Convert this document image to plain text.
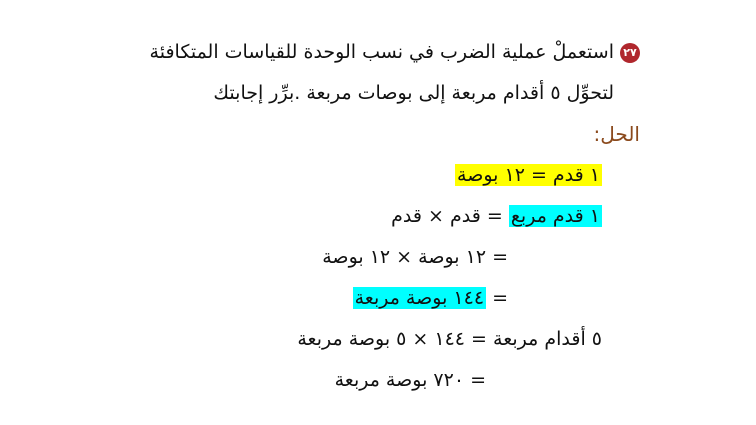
٢٧استعملْ عملية الضرب في نسب الوحدة للقياسات المتكافئة
لتحوِّل ٥ أقدام مربعة إلى بوصات مربعة .برِّر إجابتك
الحل:
١ قدم = ١٢ بوصة
١ قدم مربع = قدم × قدم
= ١٢ بوصة × ١٢ بوصة
= ١٤٤ بوصة مربعة
٥ أقدام مربعة = ١٤٤ × ٥ بوصة مربعة
= ٧٢٠ بوصة مربعة
